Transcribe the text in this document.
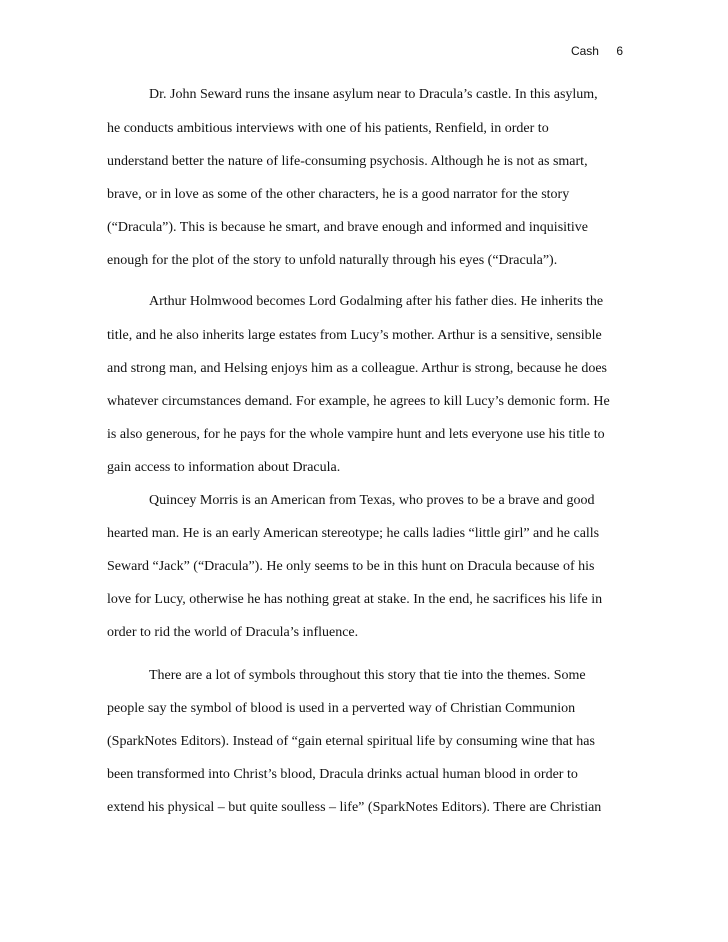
Cash 6
Dr. John Seward runs the insane asylum near to Dracula’s castle. In this asylum,
he conducts ambitious interviews with one of his patients, Renfield, in order to
understand better the nature of life-consuming psychosis. Although he is not as smart,
brave, or in love as some of the other characters, he is a good narrator for the story
(“Dracula”). This is because he smart, and brave enough and informed and inquisitive
enough for the plot of the story to unfold naturally through his eyes (“Dracula”).
Arthur Holmwood becomes Lord Godalming after his father dies. He inherits the
title, and he also inherits large estates from Lucy’s mother. Arthur is a sensitive, sensible
and strong man, and Helsing enjoys him as a colleague. Arthur is strong, because he does
whatever circumstances demand. For example, he agrees to kill Lucy’s demonic form. He
is also generous, for he pays for the whole vampire hunt and lets everyone use his title to
gain access to information about Dracula.
Quincey Morris is an American from Texas, who proves to be a brave and good
hearted man. He is an early American stereotype; he calls ladies “little girl” and he calls
Seward “Jack” (“Dracula”). He only seems to be in this hunt on Dracula because of his
love for Lucy, otherwise he has nothing great at stake. In the end, he sacrifices his life in
order to rid the world of Dracula’s influence.
There are a lot of symbols throughout this story that tie into the themes. Some
people say the symbol of blood is used in a perverted way of Christian Communion
(SparkNotes Editors). Instead of “gain eternal spiritual life by consuming wine that has
been transformed into Christ’s blood, Dracula drinks actual human blood in order to
extend his physical – but quite soulless – life” (SparkNotes Editors). There are Christian
